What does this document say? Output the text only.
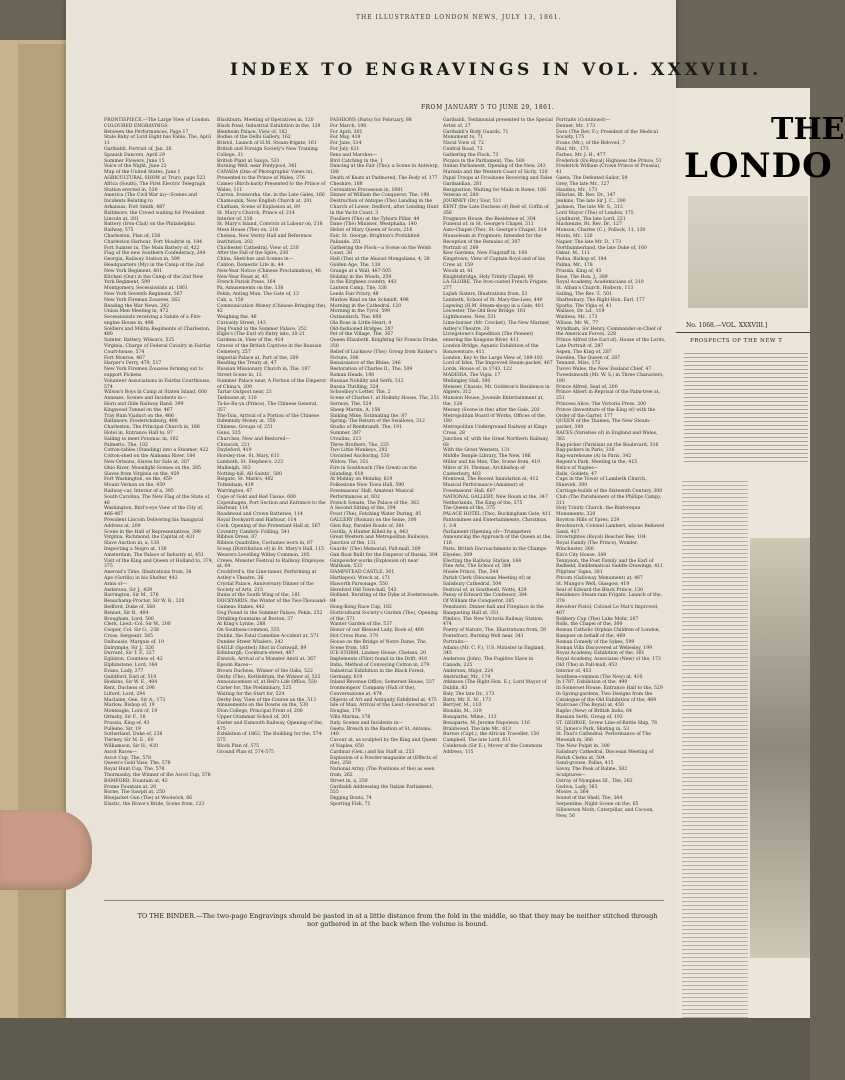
THE ILLUSTRATED LONDON NEWS, JULY 13, 1861.
INDEX TO ENGRAVINGS IN VOL. XXXVIII.
FROM JANUARY 5 TO JUNE 29, 1861.
FRONTISPIECE.—The Large View of London.
COLOURED ENGRAVINGS.
Between the Performances, Page 17
Stale Baby of Lord Eight has Fable, The, April 11
Garibaldi, Portrait of, Jan. 26
Spanish Dancers, April 29
Summer Flowers, June 15
Voice of the Night, June 22
Map of the United States, June 1
AGRICULTURAL SHOW at Truro, page 523
Africa (South), The First Electric Telegraph Station erected in, 530
America (The Civil War in)—Scenes and Incidents Relating to
Arkansas, Fort Smith, 487
Baltimore, the Crowd waiting for President Lincoln at, 201
Battery (Iron-Clad) on the Philadelphia Railway, 575
Charleston, Plan of, 158
Charleston Harbour, Fort Moultrie in, 184
Fort Sumter in, The Main Battery of, 422
Flag of the new Southern Confederacy, 244
Georgia, Railway Station in, 599
Headquarters (My) in the Camp of the 2nd New York Regiment, 601
Kitchen (Our) in the Camp of the 2nd New York Regiment, 599
Montgomery, Secessionists at, 1861
New York Seventh Regiment, 567
New York Fireman Zouaves, 562
Reading the War News, 242
Union Men Meeting in, 472
Secessionists receiving a Salute of a Fire-engine House in, 498
Soldiers and Militia Regiments of Charleston, 480
Sumter, Battery, Wilson's, 525
Virginia, Charge of Federal Cavalry in Fairfax Court-house, 574
Fort Monroe, 467
Harper's Ferry, 479, 517
New York Firemen Zouaves forming out to support Pickens
Volunteer Associations in Fairfax Courthouse, 574
Wilson's Boys in Camp at Staten Island, 600
Annexes, Scenes and Incidents in—
Horn and Olde Railway Band, 399
Kingwood Tunnel on the, 467
Tray Rum Viaduct on the, 466
Baltimore, Fredericksburg, 488
Charleston, The Principal Church in, 186
Hotel in, Entrance Hall to, 87
Sailing to meet Potomac in, 102
Palmetto, The, 102
Cotton-tables (Standing) into a Steamer, 422
Cotton-shed on the Alabama River, 184
New Orleans, Slaves for Sale at, 307
Ohio River, Moonlight-Scenes on the, 285
Slaves from Virginia on the, 459
Fort Washington, on the, 459
Mount Vernon on the, 459
Railway-car, Interior of a, 395
South Carolina, The New Flag of the State of, 48
Washington, Bird's-eye View of the City of, 466-467
President Lincoln Delivering his Inaugural Address at, 209
Scene in the Hall of Representatives, 398
Virginia, Richmond, the Capital of, 431
Slave Auction in, a, 130
Inspecting a Negro at, 130
Amsterdam, The Palace of Industry at, 451
Visit of the King and Queen of Holland to, 374, 375
Aneroid's Time, Illustrations from, 38
Ape (Gorilla) in his Shelter, 442
Arms of—
Anderson, Sir J., 429
Barrington, Sir M., 376
Beauchamp-Proctor, Sir W. B., 320
Bedford, Duke of, 560
Bennet, Sir R., 404
Brougham, Lord, 500
Clerk, Lieut.-Col. Sir W., 200
Cooper, Col. Sir G., 238
Cross, Sergeant, 565
Dalhousie, Marquis of, 19
Dalrymple, Sir J., 326
Durrant, Sir T. F., 327
Eglinton, Countess of, 42
Elphinstone, Lord, 164
Evans, Lady, 377
Guildford, Earl of, 519
Hoskins, Sir W. E., 404
Kent, Duchess of, 296
Lilford, Lord, 294
Maclaine, Gen. Sir A., 173
Marlow, Bishop of, 19
Monteagle, Lord of, 19
Ormsby, Sir F., 18
Prussia, King of, 43
Pulleine, Sir, 19
Sutherland, Duke of, 238
Tierney, Sir M. E., 60
Williamson, Sir H., 420
Ascot Races—
Ascot Cup, The, 578
Queen's Gold Vase, The, 578
Royal Hunt Cup, The, 578
Thormanby, the Winner of the Ascot Cup, 578
BAMFORD, Fountain at, 43
Frome Fountain at, 20
Borne, The Sawpit at, 250
Bluejacket Gun (The) at Woolwich, 66
Elastic, the Brave's Bride, Scene from, 123
Blackburn, Meeting of Operatives in, 120
Black Pond, Industrial Exhibition in the, 129
Blenheim Palace, View of, 162
Bodies of the Delhi Gallery, 162
Bristol, Launch of H.M. Steam-frigate, 161
British and Foreign Society's New Training College, 31
British Plant at Sanya, 531
Burning Well, near Pontypool, 341
CANADA (One of Photographic Views in), Presented to the Prince of Wales, 376
Cameo (Birch-bark) Presented to the Prince of Wales, 111
Carron, Ironworks, the, in the Late Gales, 166
Chamounix, New English Church at, 201
Chatham, Scene of Explosion at, 89
St. Mary's Church, Prince of, 214
Interior of, 218
St. Mary's Island, Convicts at Labour on, 218
Mess House (The) on, 218
Chelsea, New Vestry Hall and Reference Institution, 202
Chichester Cathedral, View of, 230
After the Fall of the Spire, 230
China, Sketches and Scenes in—
Canton, Domestic Life in, 44
New-Year Notice (Chinese Proclamation), 46
New-Year Feast at, 45
French Parish Press, 164
Pa, Amusements on the, 138
Pekin, Anting Mun, The Gate of, 13
Cab, a, 150
Communication Money (Chinese Bringing the), 42
Weighing the, 46
Curiosity Street, 143
Dog Pound in the Summer Palace, 252
Elgin's (The Earl of) Entry into, 20-21
Gardens in, View of the, 414
Graves of the British Captives in the Russian Cemetery, 257
Imperial Palace at, Part of the, 200
Reading the Treaty at, 47
Russian Missionary Church in, The, 187
Street Scene in, 13
Summer Palace near, A Portion of the Emperor of China's, 200
Tartar Outpost near, 23
Tashoone at, 110
Ta-ko-Ru-ya (Prince), The Chinese General, 357
The-Tsin, Arrival of a Portion of the Chinese Indemnity Money at, 350
Chinese, Groups of, 251
Guns, 325
Churches, New and Restored—
Chiswick, 231
Dayleford, 419
Horsley-rise, St. Mary, 611
Lambeth, St. Stephen's, 223
Malbeigh, 363
Notting-hill, All Saints', 580
Reigate, St. Mark's, 402
Tottenham, 419
Warrington, 47
Cope of Gold and Red Tissue, 600
Copenhagen, Port Section and Entrance to the Harbour, 114
Roadstead and Crown Batteries, 114
Royal Dockyard and Harbour, 114
Cork, Opening of the Protestant Hall at, 567
Coventry Cambric Frilling, 541
Ribbon Dress, 87
Ribbon Quadrilles, Costumes worn in, 87
Scoop (Distribution of) in St. Mary's Hall, 115
Weavers Levelling Witley Common, 205
Crewe, Monster Festival to Railway Employes at, 64
Crockford's, the Line-tamer, Performing at Astley's Theatre, 36
Crystal Palace, Anniversary Dinner of the Society of Arts, 215
Ruins of the South Wing of the, 181
DOCKYARDS, the Winter of the Two-Thousand-Guineas Stakes, 442
Dog Pound in the Summer Palace, Pekin, 252
Drinking-fountains at Boston, 37
At King's Lynne, 288
On Southsea-common, 555
Dublin, the Fatal Cameline Accident at, 571
Dundee Street Whalers, 242
EAGLE (Spotted) Shot in Cornwall, 89
Edinburgh, Cockburn-street, 487
Elswick, Arrival of a Monster Anvil at, 367
Epsom Races—
Brown Duchess, Winner of the Oaks, 522
Derby (The), Kettledrum, the Winner of, 522
Announcement of, at Bell's Life Office, 550
Carter for, The Preliminary, 525
Waiting for the Start for, 524
Derby Day, View of the Course on the, 513
Amusements on the Downs on the, 530
Eton College, Principal Front of, 200
Upper Grammar School of, 201
Exeter and Exmouth Railway, Opening of the, 475
Exhibition of 1862, The Building for the, 574-575
Block Plan of, 575
Ground Plan of, 574-575
FASHIONS (Paris) for February, 88
For March, 190
For April, 301
For May, 418
For June, 514
For July, 621
Fens and Marshes—
Bird Catching in the, 1
Dancing at the Fair (The): a Scene in Antwerp, 188
Death of Keats at Padmored, The Body of, 177
Cheshire, 188
Coronation Procession in, 1001
Dinner of William the Conqueror, The, 190
Destruction of Antique (The) Landing in the Church of Lower, Dedford, after Lending Hunt in the Yacht Coast, 3
Fusiliers (The) at the Tyburn Pillar, 44
Dane (The) Minister, Westphalia, 140
Heliot of Mary Queen of Scots, 216
Fair, St. George, Brighton's Prohibited Palisade, 251
Gathering the Flock—a Scene on the Welsh Coast, 30
Hall (The) at the Abaout Mongolians, 4, 28
Golden Age, The, 138
Grange at a Wall, 487-505
Holiday in the Woods, 259
In the Kirgheez country, 443
Lantern Camp, The, 338
Leeds Fair Priory, 48
Marlow Rind on the Schmidt, 498
Morning in the Cathedral, 120
Morning in the Tyrol, 599
Outlandisch, The, 600
Ola Rose in Little Heart, 4
Old-fashioned Bridges, 287
Pet of the Village, The, 367
Queen Elizabeth, Knighting Sir Francis Drake, 350
Relief of Lucknow (The): Group from Barker's Picture, 306
Renaissance of the Rhine, 346
Restoration of Charles II., The, 509
Roman Heads, 190
Russian Nobility and Serfs, 512
Russia Thrilling, 324
Schoolboy's Letter, The, 2
Scene of Charles I. at Holmby House, The, 251
Sermon, The, 524
Sheep Marsin, A, 156
Sinking Mine, Estimating the, 87
Spring: The Return of the Swallows, 312
Studio of Rembrandt, The, 191
Summer, 387
Ursulins, 213
Three Brothers, The, 235
Two Little Monkeys, 292
Unvisited Anchoring, 530
Widow, The, 351
Fire in Southwark (The Great) on the Islanding, 618
At Midday on Monday, 619
Folkestone New Town Hall, 590
Freemasons' Hall, Amateur Musical Performances at, 602
French Senate, The Palace of the, 363
A Second Sitting of the, 294
Frost (The), Fetching Water During, 85
GALLERY (Roman) on the Seine, 300
Glen Ray, Parallel Roads of, 301
Gorilla, A Hunter Killed by a, 443
Great Western and Metropolitan Railways, Junction of the, 131
Guards' (The) Memorial, Pall-mall, 209
Gun Boat Built for the Emperor of Russia, 304
Gunpowder-works (Explosion of) near Waltham, 533
HAMPSTEAD CASTLE, 301
Hartlepool, Wreck at, 171
Haworth Parsonage, 550
Hereford Old Town-hall, 543
Holland, Bursting of the Dyke at Zoeterwoude, 84
Hong-Kong Race Cup, 182
Horticultural Society's Garden (The), Opening of the, 571
Wanter Garden of the, 537
Honor of our Blessed Lady, Book of, 400
Hot Cross Buns, 379
House on the Bridge of Notre Dame, The, Scene from, 185
ICE-STORM, Lindsey House, Chelsea, 20
Implements (Flint) found in the Drift, 410
India, Method of Conveying Cotton in, 279
Industrial Exhibition in the Black Forest, Germany, 619
Inland Revenue Office, Somerset House, 337
Ironmongers' Company (Hall of the), Conversazione at, 474
Objects of Art and Antiquity Exhibited at, 475
Isle of Man, Arrival of the Lieut.-Governor at Douglas, 179
Villa Marina, 178
Italy, Scenes and Incidents in—
Gaeta, Breach in the Bastion of St. Antonio, 140
Cavour at, as sculpted by the King and Queen of Naples, 650
Cardinal (Gen.) and his Staff at, 253
Explosion of a Powder-magazine at (Effects of the), 258
National Army, (The Positions of the) as seen from, 262
Street in, a, 250
Garibaldi Addressing the Italian Parliament, 555
Digging Boats, 74
Sporting Fish, 71
Garibaldi, Testimonial presented to the Special Artist of, 27
Garibaldi's Body Guards, 71
Monument to, 71
Naval View of, 72
Central Road, 73
Gathering the Flock, 73
Picnics in the Parliament, The, 500
Italian Parliament, Opening of the New, 243
Marsala and the Western Coast of Sicily, 120
Papal Troops at Frosinone Receiving and False Garibaldian, 281
Resignation, Waiting for Mails in Rome, 188
Veteran of, 280
JOURNEY (Dr.) Tour, 511
KENT (the Late Duchess of) Rest of, Coffin of, 356
Frogmore House, the Residence of, 304
Funeral of, in St. George's Chapel, 311
Auto-Chapel (The), St. George's Chapel, 314
Mausoleum at Frogmore, Intended for the Reception of the Remains of, 307
Portrait of, 269
Kew Gardens, New Flagstaff in, 164
Kingstown, View of Captain Boyd and of his Crew at, 159
Woods at, 41
Knightsbridge, Holy Trinity Chapel, 80
LA GLOIRE, The Iron-coated French Frigate, 277
Lajlah Sisters, Illustrations from, 53
Lambeth, School of St. Mary-the-Less, 440
Lapwing (H.M. Steam-sloop) in a Gale, 401
Leicester, The Old Bow Bridge, 181
Lighthouses, New, 531
Lime-burner (Mr. Crocket), The New Mariner, Astley's Theatre, 20
Livingstone's Expedition (The Pioneer) entering the Kongone River, 411
London Bridge, Aquatic Exhibition of the Bonaventure, 411
London, Key to the Large View of, 189-193
Lord of Isles, The Improved Steam-packet, 467
Lords, House of, in 1743, 122
MADEIRA, The Vigia, 17
Mellingley Hall, 300
Meisser, Chassis, Mr. Goldston's Residence in Algiers, 312
Mansion House, Juvenile Entertainment at, the, 124
Mersey (Scene in the) after the Gale, 202
Metropolitan Board of Works, Offices of the, 180
Metropolitan Underground Railway at Kings Cross, 28
Junction of, with the Great Northern Railway, 68
With the Great Western, 131
Middle Temple Library, The New, 186
Miller and his Men, The, Scene from, 419
Mitre of St. Thomas, Archbishop of Canterbury, 403
Montreal, The Recent Inundation at, 412
Musical Performance (Amateur) at Freemasons' Hall, 607
NATIONAL GALLERY, New Room at the, 347
Netherlands, The King of the, 375
The Queen of the, 375
PALACE HOTEL (The), Buckingham Gate, 411
Pantomimes and Entertainments, Christmas, 1, 3-8
Parliament (Opening of)—Trumpeters Announcing the Approach of the Queen at the, 116
Paris, British Encroachments in the Champs Elysées, 309
Electing the Railway Station, 164
Fine Arts, The School of, 384
Musée Prince, The, 544
Parish Clerk (Diocesan Meeting of) at Salisbury Cathedral, 504
Festival of, at Southwell, Notts, 429
Pansy of Edward the Confessor, 384
Of William the Conqueror, 385
Penshurst, Dinner-hall and Fireplace in the Banqueting Hall at, 351
Pimlico, The New Victoria Railway Station, 474
Poetry of Nature, The, Illustrations from, 59
Pontefract, Burning Well near, 341
Portraits—
Adams (Mr. C. F.), U.S. Minister in England, 345
Anderson (John), The Fugitive Slave in Canada, 225
Anderson, Major, 224
Anstruther, Mr., 174
Atkinson (The Right Hon. E.), Lord Mayor of Dublin, 83
Baly, The late Dr., 173
Batty, Mr. E. M., 173
Berryer, M., 110
Blondin, M., 319
Bonaparte, Mlme., 113
Bonaparte, M. Jerome Napoleon, 116
Braidwood, The late Mr., 613
Burton (Capt.), the African Traveller, 150
Campbell, The late Lord, 611
Colebrook (Sir E.), Mover of the Commons Address, 115
Portraits (Continued)—
Denner, Mr., 173
Doro (The Rev. F.), President of the Medical Society, 175
Evans (Mr.), of the Beloved, 7
Paul, Mr., 173
Farbes, Mr. J. H., 477
Frederick (Ex-Royal) Highness the Prince, 51
Frederick William (Crown Prince of Prussia), 41
Gaeta, The Defeated Sailor, 59
Grey, The late Mr., 127
Haudiss, Mr., 173
Hilarius, Rt. Rev. Dr., 147
Jenkins, The late Sir J. C., 290
Jackson, The late Mr. S., 313
Lord Mayor (The) of London, 175
Lyndhurst, The late Lord, 221
Mackenzie, Rt. Rev. Dr., 127
Monson, Charles (C.), Pollock, 11, 130
Morin, Mr., 120
Napier, The late Mr. D., 173
Northumberland, the late Duke of, 160
Oskar, M., 111
Padua, Bishop of, 184
Palma, Mr., 178
Prussia, King of, 43
Rose, The Hon. J., 289
Royal Academy, Academicians of, 310
St. Alban's Church, Holborn, 113
Sailing, The Rev. T., 501
Shaftesbury, The Right Hon. Earl, 177
Sparks, The Vigia of, 41
Wallace, Dr. Ld., 119
Wanless, Mr., 173
Wilson, Mr. W., 77
Wyndham, Sir Henry, Commander-in-Chief of the American Forces, 228
Prince Alfred (the Earl of), House of the Lords, Late Portrait of, 287
Aspen, The King of, 287
Sweden, The Queen of, 287
Tennant, Miss, 172
Twovo Wales, the New Zealand Chief, 47
Tweedsmouth (Mr. W. S.) in Three Characters, 190
Prince Alfred, Seat of, 200
Prince Albert in Reprisal of the Palm-tree at, 251
Princess Alice, The Victoria Press, 200
Prince (Investiture of the King of) with the Order of the Garter, 177
QUEEN of the Thames, The New Steam-packet, 300
RACES (Varieties of) in England and Wales, 383
Rag-picker (Parisian) on the Boulevard, 316
Rag-pickers in Paris, 316
Rag-warehouse (A) in Paris, 342
Regent's Park, Meeting in the, 415
Relics of Naples—
Balls, Goblets, 47
Cups in the Tower of Lambeth Church, Nineveh, 300
Carriage-builds of the Sixteenth Century, 300
Club (The Parishioners of the Phillips Camp), 311
Holy Trinity Church, the Rinforeque Monuments, 320
Royston Hills of Ypres, 229
Brocknurch, Colonel Lambert, whose Bellowel Sand, 417
Drowrightes (Royal) Beacher Bee, 104
Royal Family (The Prince), Wonder, Winchester, 300
Kin's City House, 300
Tennyson, the Poet Family and the Earl of Redbeld, Emblematical Saddle Drawings, 411
Pilgrims' Signs, 301
Pitcom (Galloway Monument) at, 467
St. Mungo's Well, Glasgow, 419
Seal of Edward the Black Prince, 130
Residence Steam-ram Frigate, Launch of the, 378
Revolver Pistol, Colonel Le Mat's Improved, 407
Robbery Cup (The) Lake Mohr, 267
Rolls, the Chapel of the, 300
Roman Catholic Orphan Children of London, Banquet on behalf of the, 469
Roman Comedy of the Sykes, 599
Roman Villa Discovered at Wellesley, 199
Royal Academy, Exhibition of the, 301
Royal Academy, Associates (New) of the, 173
Old (The) in Pall-mall, 453
Interior of, 453
Southsea-common (The New) at, 410
In 1787, Exhibition of the, 490
In Somerset House, Entrance Hall to the, 529
In Spring-gardens, Two Designs from the Catalogue of the Old Exhibition of the, 469
Staircase (The Royal) at, 450
Rapho (New) of British India, 64
Russian Serfs, Group of, 192
ST. GEORGE, Screw Line-of-Battle Ship, 78
St. James's Park, Skating in, 53
St. Paul's Cathedral, Performance of The Messiah in, 366
The New Pulpit in, 300
Salisbury Cathedral, Diocesan Meeting of Parish Clerks at, 504
Sand-grouse, Pallas, 415
Savoy, The Peak of Balme, 502
Sculptures—
Ostray of Nymphes III., The, 363
Godiva, Lady, 363
Moore, a, 364
Sound of the Shell, The, 364
Serpentine, Night-Scene on the, 65
Sillwerson Moth, Caterpillar, and Cocoon, New, 56
TO THE BINDER.—The two-page Engravings should be pasted in at a little distance from the fold in the middle, so that they may be neither stitched through nor gathered in at the back when the volume is bound.
THE
LONDO
No. 1068.—VOL. XXXVIII.]
PROSPECTS OF THE NEW T
